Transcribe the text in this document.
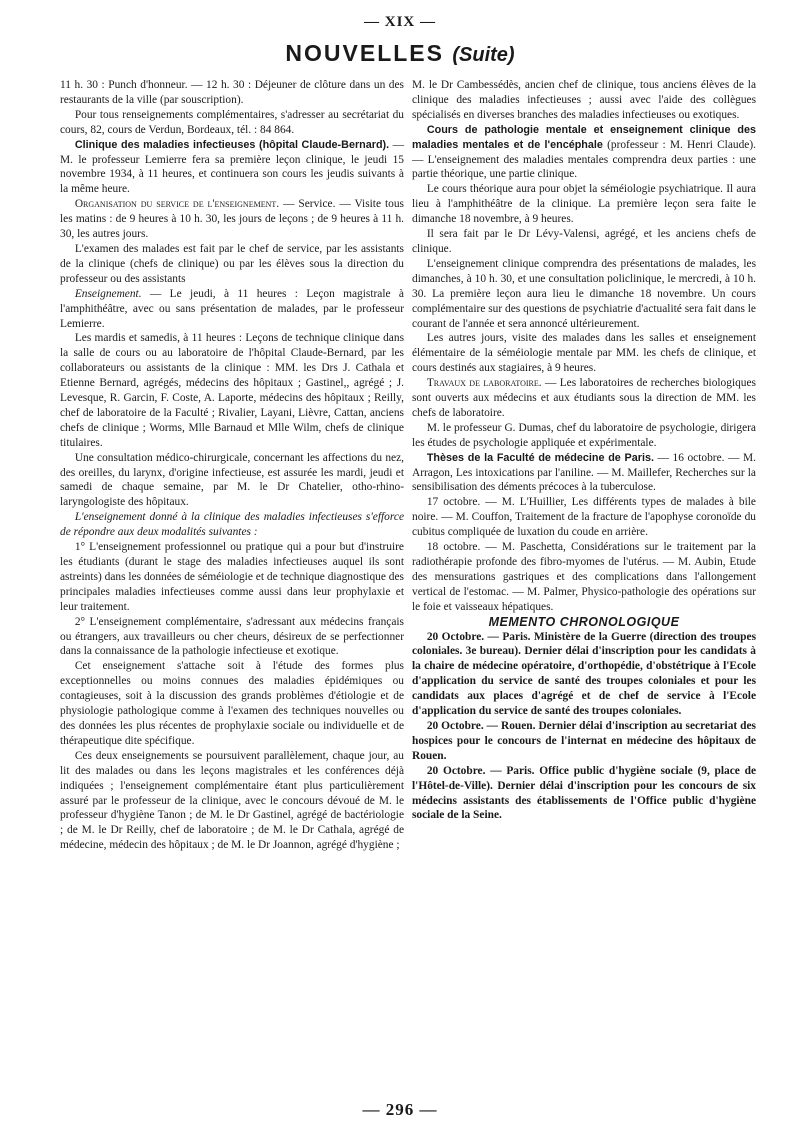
— XIX —
NOUVELLES (Suite)

11 h. 30 : Punch d'honneur. — 12 h. 30 : Déjeuner de clôture dans un des restaurants de la ville (par souscription).

Pour tous renseignements complémentaires, s'adresser au secrétariat du cours, 82, cours de Verdun, Bordeaux, tél. : 84 864.

Clinique des maladies infectieuses (hôpital Claude-Bernard). — M. le professeur Lemierre fera sa première leçon clinique, le jeudi 15 novembre 1934, à 11 heures, et continuera son cours les jeudis suivants à la même heure.

Organisation du service de l'enseignement. — Service. — Visite tous les matins : de 9 heures à 10 h. 30, les jours de leçons ; de 9 heures à 11 h. 30, les autres jours.

L'examen des malades est fait par le chef de service, par les assistants de la clinique (chefs de clinique) ou par les élèves sous la direction du professeur ou des assistants

Enseignement. — Le jeudi, à 11 heures : Leçon magistrale à l'amphithéâtre, avec ou sans présentation de malades, par le professeur Lemierre.

Les mardis et samedis, à 11 heures : Leçons de technique clinique dans la salle de cours ou au laboratoire de l'hôpital Claude-Bernard, par les collaborateurs ou assistants de la clinique : MM. les Drs J. Cathala et Etienne Bernard, agrégés, médecins des hôpitaux ; Gastinel,, agrégé ; J. Levesque, R. Garcin, F. Coste, A. Laporte, médecins des hôpitaux ; Reilly, chef de laboratoire de la Faculté ; Rivalier, Layani, Lièvre, Cattan, anciens chefs de clinique ; Worms, Mlle Barnaud et Mlle Wilm, chefs de clinique titulaires.

Une consultation médico-chirurgicale, concernant les affections du nez, des oreilles, du larynx, d'origine infectieuse, est assurée les mardi, jeudi et samedi de chaque semaine, par M. le Dr Chatelier, otho-rhino-laryngologiste des hôpitaux.

L'enseignement donné à la clinique des maladies infectieuses s'efforce de répondre aux deux modalités suivantes :

1° L'enseignement professionnel ou pratique qui a pour but d'instruire les étudiants (durant le stage des maladies infectieuses auquel ils sont astreints) dans les données de séméiologie et de technique diagnostique des principales maladies infectieuses comme aussi dans leur prophylaxie et leur traitement.

2° L'enseignement complémentaire, s'adressant aux médecins français ou étrangers, aux travailleurs ou cher cheurs, désireux de se perfectionner dans la connaissance de la pathologie infectieuse et exotique.

Cet enseignement s'attache soit à l'étude des formes plus exceptionnelles ou moins connues des maladies épidémiques ou contagieuses, soit à la discussion des grands problèmes d'étiologie et de physiologie pathologique comme à l'examen des techniques nouvelles ou des données les plus récentes de prophylaxie sociale ou individuelle et de thérapeutique dite spécifique.

Ces deux enseignements se poursuivent parallèlement, chaque jour, au lit des malades ou dans les leçons magistrales et les conférences déjà indiquées ; l'enseignement complémentaire étant plus particulièrement assuré par le professeur de la clinique, avec le concours dévoué de M. le professeur d'hygiène Tanon ; de M. le Dr Gastinel, agrégé de bactériologie ; de M. le Dr Reilly, chef de laboratoire ; de M. le Dr Cathala, agrégé de médecine, médecin des hôpitaux ; de M. le Dr Joannon, agrégé d'hygiène ;

M. le Dr Cambessédès, ancien chef de clinique, tous anciens élèves de la clinique des maladies infectieuses ; aussi avec l'aide des collègues spécialisés en diverses branches des maladies infectieuses ou exotiques.

Cours de pathologie mentale et enseignement clinique des maladies mentales et de l'encéphale (professeur : M. Henri Claude). — L'enseignement des maladies mentales comprendra deux parties : une partie théorique, une partie clinique.

Le cours théorique aura pour objet la séméiologie psychiatrique. Il aura lieu à l'amphithéâtre de la clinique. La première leçon sera faite le dimanche 18 novembre, à 9 heures.

Il sera fait par le Dr Lévy-Valensi, agrégé, et les anciens chefs de clinique.

L'enseignement clinique comprendra des présentations de malades, les dimanches, à 10 h. 30, et une consultation policlinique, le mercredi, à 10 h. 30. La première leçon aura lieu le dimanche 18 novembre. Un cours complémentaire sur des questions de psychiatrie d'actualité sera fait dans le courant de l'année et sera annoncé ultérieurement.

Les autres jours, visite des malades dans les salles et enseignement élémentaire de la séméiologie mentale par MM. les chefs de clinique, et cours destinés aux stagiaires, à 9 heures.

Travaux de laboratoire. — Les laboratoires de recherches biologiques sont ouverts aux médecins et aux étudiants sous la direction de MM. les chefs de laboratoire.

M. le professeur G. Dumas, chef du laboratoire de psychologie, dirigera les études de psychologie appliquée et expérimentale.

Thèses de la Faculté de médecine de Paris. — 16 octobre. — M. Arragon, Les intoxications par l'aniline. — M. Maillefer, Recherches sur la sensibilisation des déments précoces à la tuberculose.

17 octobre. — M. L'Huillier, Les différents types de malades à bile noire. — M. Couffon, Traitement de la fracture de l'apophyse coronoïde du cubitus compliquée de luxation du coude en arrière.

18 octobre. — M. Paschetta, Considérations sur le traitement par la radiothérapie profonde des fibro-myomes de l'utérus. — M. Aubin, Etude des mensurations gastriques et des complications dans l'allongement vertical de l'estomac. — M. Palmer, Physico-pathologie des opérations sur le foie et vaisseaux hépatiques.

MEMENTO CHRONOLOGIQUE

20 Octobre. — Paris. Ministère de la Guerre (direction des troupes coloniales. 3e bureau). Dernier délai d'inscription pour les candidats à la chaire de médecine opératoire, d'orthopédie, d'obstétrique à l'Ecole d'application du service de santé des troupes coloniales et pour les candidats aux places d'agrégé et de chef de service à l'Ecole d'application du service de santé des troupes coloniales.

20 Octobre. — Rouen. Dernier délai d'inscription au secretariat des hospices pour le concours de l'internat en médecine des hôpitaux de Rouen.

20 Octobre. — Paris. Office public d'hygiène sociale (9, place de l'Hôtel-de-Ville). Dernier délai d'inscription pour les concours de six médecins assistants des établissements de l'Office public d'hygiène sociale de la Seine.

— 296 —
